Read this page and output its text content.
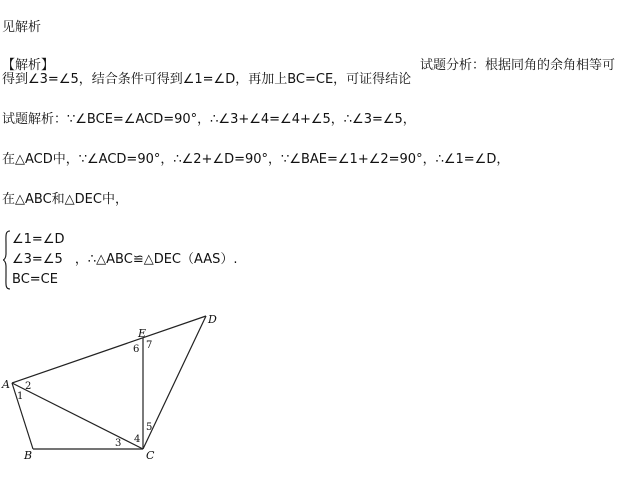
见解析
【解析】	试题分析：根据同角的余角相等可
得到∠3=∠5，结合条件可得到∠1=∠D，再加上BC=CE，可证得结论
试题解析：∵∠BCE=∠ACD=90°，∴∠3+∠4=∠4+∠5，∴∠3=∠5，
在△ACD中，∵∠ACD=90°，∴∠2+∠D=90°，∵∠BAE=∠1+∠2=90°，∴∠1=∠D，
在△ABC和△DEC中，
∠1=∠D
∠3=∠5 ，∴△ABC≌△DEC（AAS）.
BC=CE
A
B	C
D
E
1
2
3 4
5
6 7
